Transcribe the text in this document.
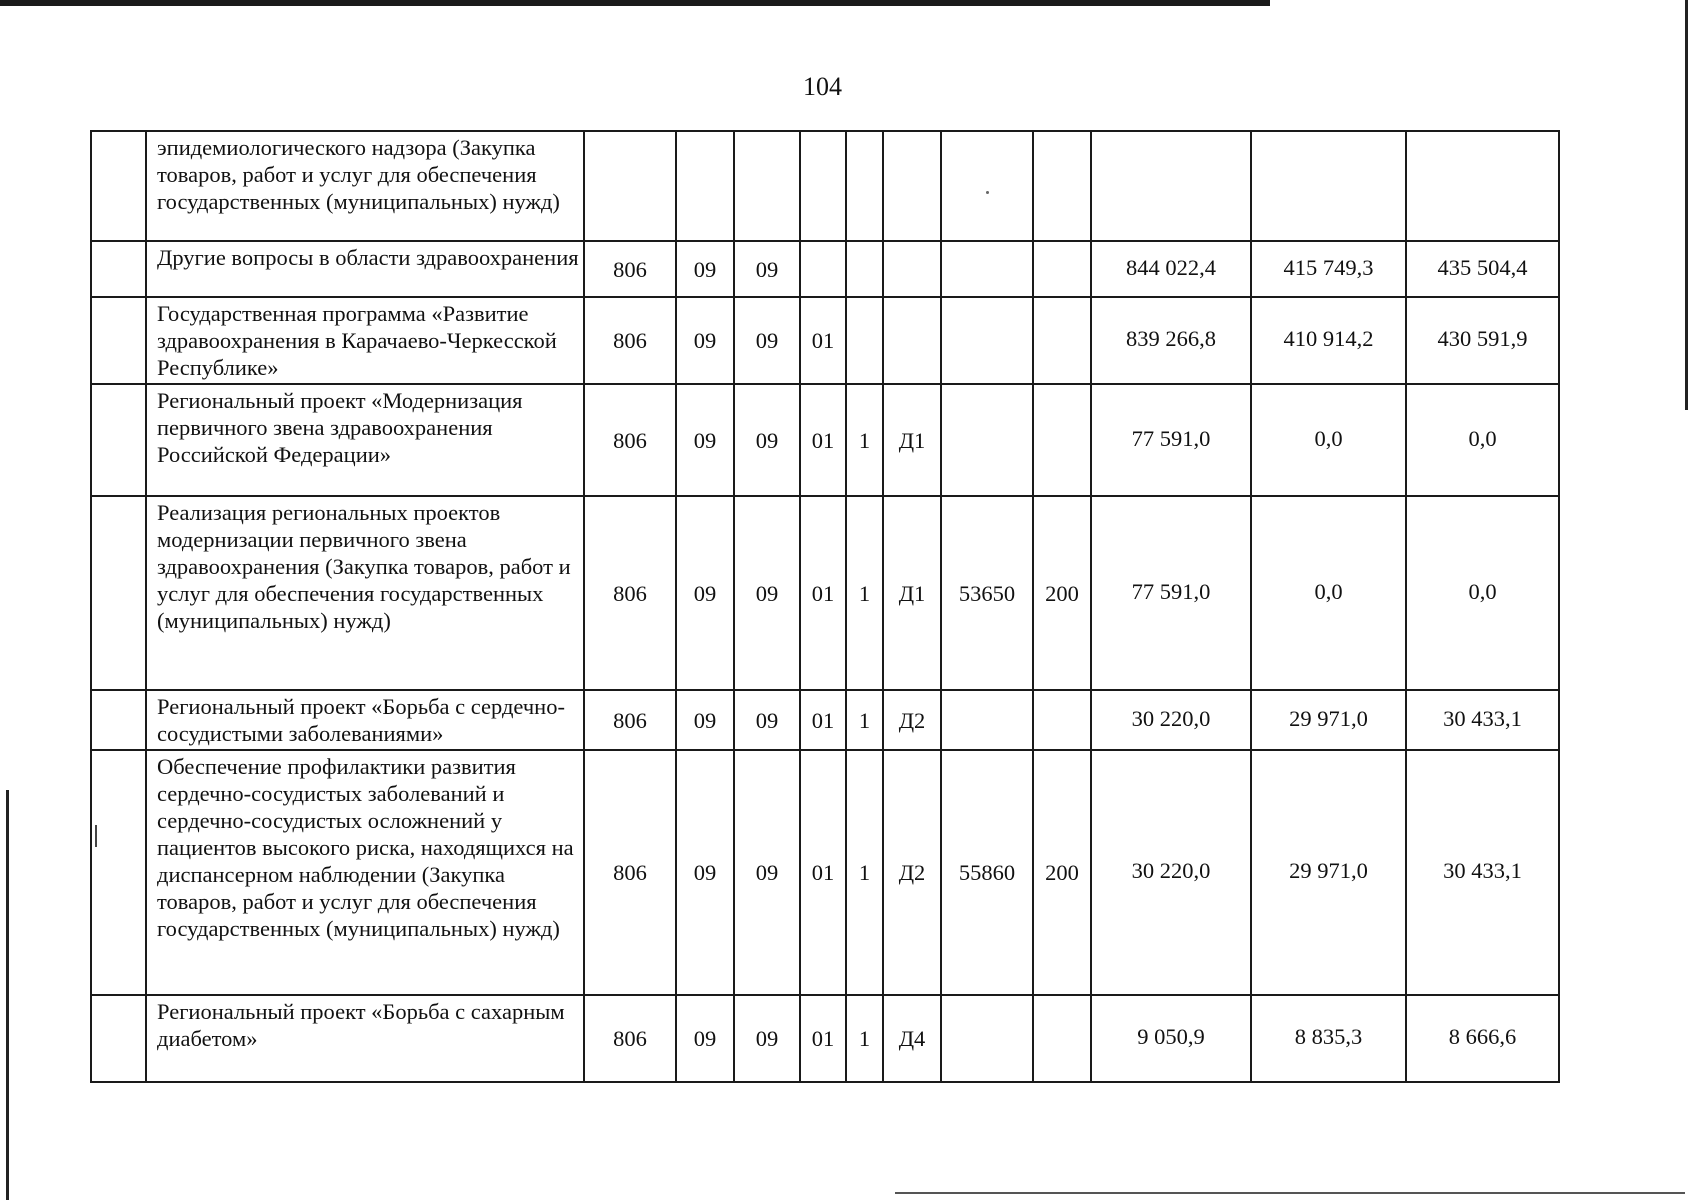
104
	эпидемиологического надзора (Закупка товаров, работ и услуг для обеспечения государственных (муниципальных) нужд)											
	Другие вопросы в области здравоохранения	806	09	09						844 022,4	415 749,3	435 504,4
	Государственная программа «Развитие здравоохранения в Карачаево-Черкесской Республике»	806	09	09	01					839 266,8	410 914,2	430 591,9
	Региональный проект «Модернизация первичного звена здравоохранения Российской Федерации»	806	09	09	01	1	Д1			77 591,0	0,0	0,0
	Реализация региональных проектов модернизации первичного звена здравоохранения (Закупка товаров, работ и услуг для обеспечения государственных (муниципальных) нужд)	806	09	09	01	1	Д1	53650	200	77 591,0	0,0	0,0
	Региональный проект «Борьба с сердечно-сосудистыми заболеваниями»	806	09	09	01	1	Д2			30 220,0	29 971,0	30 433,1
	Обеспечение профилактики развития сердечно-сосудистых заболеваний и сердечно-сосудистых осложнений у пациентов высокого риска, находящихся на диспансерном наблюдении (Закупка товаров, работ и услуг для обеспечения государственных (муниципальных) нужд)	806	09	09	01	1	Д2	55860	200	30 220,0	29 971,0	30 433,1
	Региональный проект «Борьба с сахарным диабетом»	806	09	09	01	1	Д4			9 050,9	8 835,3	8 666,6
